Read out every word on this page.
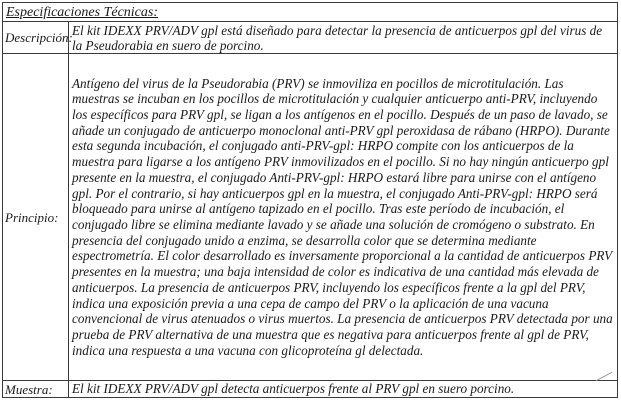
Especificaciones Técnicas:	
Descripción:	El kit IDEXX PRV/ADV gpl está diseñado para detectar la presencia de anticuerpos gpl del virus de la Pseudorabia en suero de porcino.
Principio:	Antígeno del virus de la Pseudorabia (PRV) se inmoviliza en pocillos de microtitulación. Las muestras se incuban en los pocillos de microtitulación y cualquier anticuerpo anti-PRV, incluyendo los específicos para PRV gpl, se ligan a los antígenos en el pocillo. Después de un paso de lavado, se añade un conjugado de anticuerpo monoclonal anti-PRV gpl peroxidasa de rábano (HRPO). Durante esta segunda incubación, el conjugado anti-PRV-gpl: HRPO compite con los anticuerpos de la muestra para ligarse a los antígeno PRV inmovilizados en el pocillo. Si no hay ningún anticuerpo gpl presente en la muestra, el conjugado Anti-PRV-gpl: HRPO estará libre para unirse con el antígeno gpl. Por el contrario, si hay anticuerpos gpl en la muestra, el conjugado Anti-PRV-gpl: HRPO será bloqueado para unirse al antígeno tapizado en el pocillo. Tras este período de incubación, el conjugado libre se elimina mediante lavado y se añade una solución de cromógeno o substrato. En presencia del conjugado unido a enzima, se desarrolla color que se determina mediante espectrometría. El color desarrollado es inversamente proporcional a la cantidad de anticuerpos PRV presentes en la muestra; una baja intensidad de color es indicativa de una cantidad más elevada de anticuerpos. La presencia de anticuerpos PRV, incluyendo los específicos frente a la gpl del PRV, indica una exposición previa a una cepa de campo del PRV o la aplicación de una vacuna convencional de virus atenuados o virus muertos. La presencia de anticuerpos PRV detectada por una prueba de PRV alternativa de una muestra que es negativa para anticuerpos frente al gpl de PRV, indica una respuesta a una vacuna con glicoproteína gl delectada.
Muestra:	El kit IDEXX PRV/ADV gpl detecta anticuerpos frente al PRV gpl en suero porcino.
